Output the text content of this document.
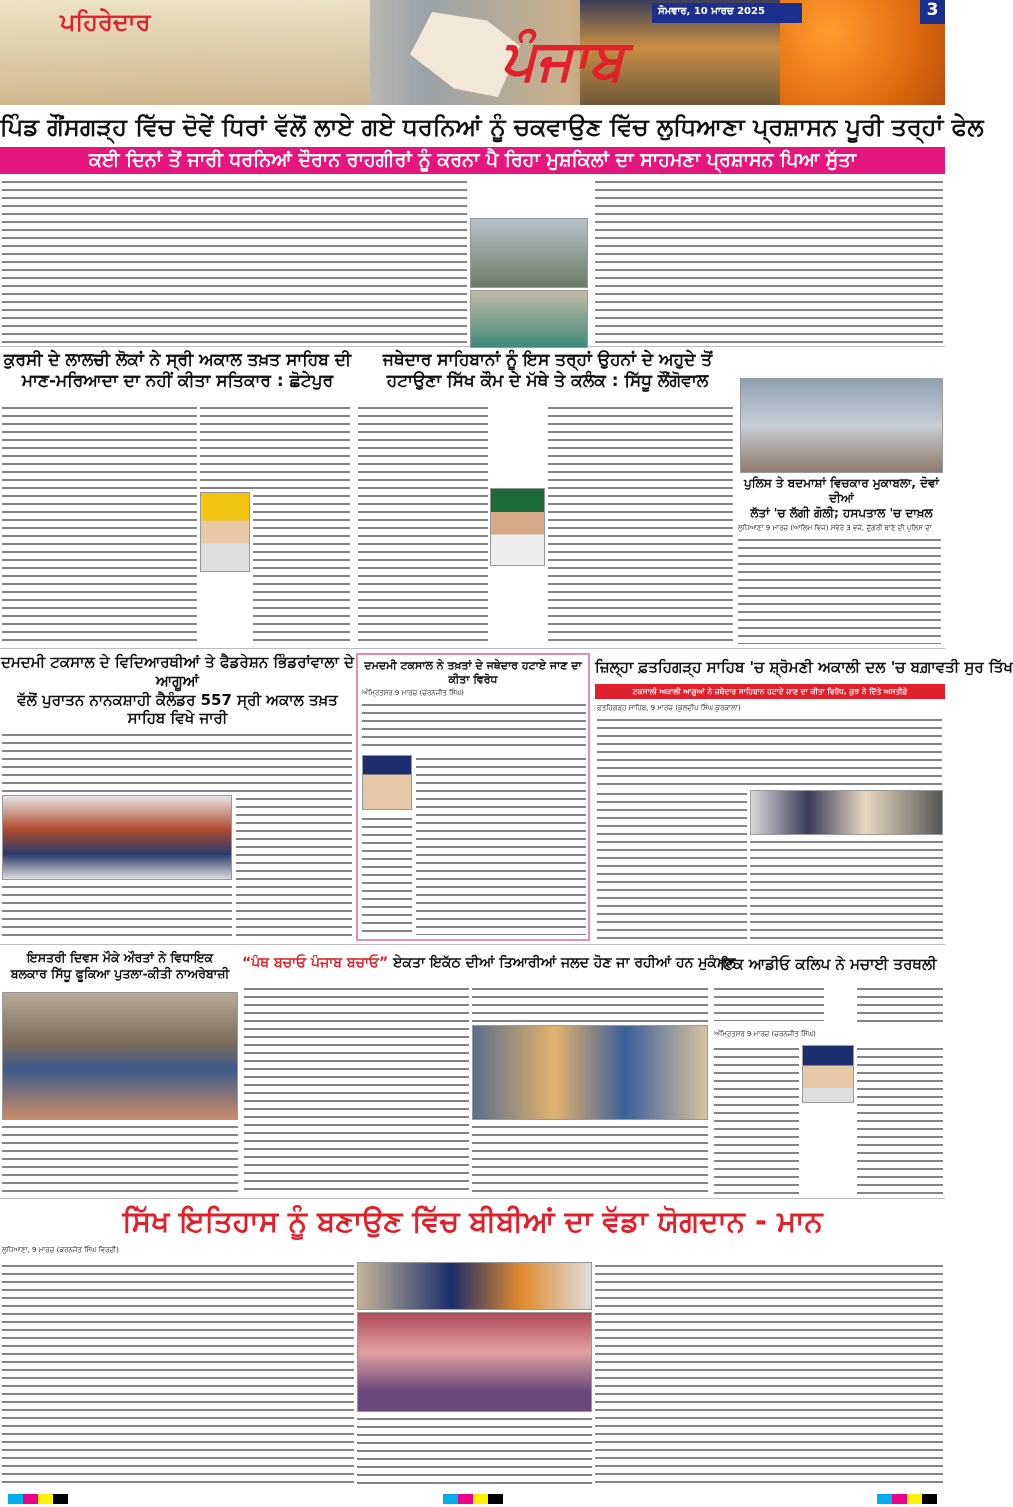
ਪਹਿਰੇਦਾਰ
ਪੰਜਾਬ
ਸੋਮਵਾਰ, 10 ਮਾਰਚ 2025	3
ਪਿੰਡ ਗੌਂਸਗੜ੍ਹ ਵਿੱਚ ਦੋਵੇਂ ਧਿਰਾਂ ਵੱਲੋਂ ਲਾਏ ਗਏ ਧਰਨਿਆਂ ਨੂੰ ਚਕਵਾਉਣ ਵਿੱਚ ਲੁਧਿਆਣਾ ਪ੍ਰਸ਼ਾਸਨ ਪੂਰੀ ਤਰ੍ਹਾਂ ਫੇਲ
ਕਈ ਦਿਨਾਂ ਤੋਂ ਜਾਰੀ ਧਰਨਿਆਂ ਦੌਰਾਨ ਰਾਹਗੀਰਾਂ ਨੂੰ ਕਰਨਾ ਪੈ ਰਿਹਾ ਮੁਸ਼ਕਿਲਾਂ ਦਾ ਸਾਹਮਣਾ ਪ੍ਰਸ਼ਾਸਨ ਪਿਆ ਸੁੱਤਾ
ਕੁਰਸੀ ਦੇ ਲਾਲਚੀ ਲੋਕਾਂ ਨੇ ਸ੍ਰੀ ਅਕਾਲ ਤਖ਼ਤ ਸਾਹਿਬ ਦੀ
ਮਾਣ-ਮਰਿਆਦਾ ਦਾ ਨਹੀਂ ਕੀਤਾ ਸਤਿਕਾਰ : ਛੋਟੇਪੁਰ
ਜਥੇਦਾਰ ਸਾਹਿਬਾਨਾਂ ਨੂੰ ਇਸ ਤਰ੍ਹਾਂ ਉਹਨਾਂ ਦੇ ਅਹੁਦੇ ਤੋਂ
ਹਟਾਉਣਾ ਸਿੱਖ ਕੌਮ ਦੇ ਮੱਥੇ ਤੇ ਕਲੰਕ : ਸਿੱਧੂ ਲੌਂਗੋਵਾਲ
ਪੁਲਿਸ ਤੇ ਬਦਮਾਸ਼ਾਂ ਵਿਚਕਾਰ ਮੁਕਾਬਲਾ, ਦੋਵਾਂ ਦੀਆਂ
ਲੱਤਾਂ 'ਚ ਲੱਗੀ ਗੋਲੀ; ਹਸਪਤਾਲ 'ਚ ਦਾਖ਼ਲ
ਲੁਧਿਆਣਾ 9 ਮਾਰਚ (ਆਲਿਮ ਵਿਜ) ਸਵੇਰੇ 3 ਵਜੇ, ਦੁੱਗਰੀ ਥਾਣੇ ਦੀ ਪੁਲਿਸ ਦਾ
ਦਮਦਮੀ ਟਕਸਾਲ ਦੇ ਵਿਦਿਆਰਥੀਆਂ ਤੇ ਫੈਡਰੇਸ਼ਨ ਭਿੰਡਰਾਂਵਾਲਾ ਦੇ ਆਗੂਆਂ
ਵੱਲੋਂ ਪੁਰਾਤਨ ਨਾਨਕਸ਼ਾਹੀ ਕੈਲੰਡਰ 557 ਸ੍ਰੀ ਅਕਾਲ ਤਖ਼ਤ ਸਾਹਿਬ ਵਿਖੇ ਜਾਰੀ
ਦਮਦਮੀ ਟਕਸਾਲ ਨੇ ਤਖ਼ਤਾਂ ਦੇ ਜਥੇਦਾਰ ਹਟਾਏ ਜਾਣ ਦਾ ਕੀਤਾ ਵਿਰੋਧ
ਅੰਮ੍ਰਿਤਸਰ 9 ਮਾਰਚ (ਚਰਨਜੀਤ ਸਿੰਘ)
ਜ਼ਿਲ੍ਹਾ ਫ਼ਤਹਿਗੜ੍ਹ ਸਾਹਿਬ 'ਚ ਸ਼੍ਰੋਮਣੀ ਅਕਾਲੀ ਦਲ 'ਚ ਬਗ਼ਾਵਤੀ ਸੁਰ ਤਿੱਖ
ਟਕਸਾਲੀ ਅਕਾਲੀ ਆਗੂਆਂ ਨੇ ਜਥੇਦਾਰ ਸਾਹਿਬਾਨ ਹਟਾਏ ਜਾਣ ਦਾ ਕੀਤਾ ਵਿਰੋਧ, ਕੁਝ ਨੇ ਦਿੱਤੇ ਅਸਤੀਫ਼ੇ
ਫ਼ਤਹਿਗੜ੍ਹ ਸਾਹਿਬ, 9 ਮਾਰਚ (ਕੁਲਦੀਪ ਸਿੰਘ ਕੁਰਕਾਲਾ)
ਇਸਤਰੀ ਦਿਵਸ ਮੌਕੇ ਔਰਤਾਂ ਨੇ ਵਿਧਾਇਕ
ਬਲਕਾਰ ਸਿੱਧੂ ਫੂਕਿਆ ਪੁਤਲਾ-ਕੀਤੀ ਨਾਅਰੇਬਾਜ਼ੀ
“ਪੰਥ ਬਚਾਓ ਪੰਜਾਬ ਬਚਾਓ” ਏਕਤਾ ਇਕੱਠ ਦੀਆਂ ਤਿਆਰੀਆਂ ਜਲਦ ਹੋਣ ਜਾ ਰਹੀਆਂ ਹਨ ਮੁਕੰਮਲ
ਇਕ ਆਡੀਓ ਕਲਿਪ ਨੇ ਮਚਾਈ ਤਰਥਲੀ
ਅੰਮ੍ਰਿਤਸਰ 9 ਮਾਰਚ (ਚਰਨਜੀਤ ਸਿੰਘ)
ਸਿੱਖ ਇਤਿਹਾਸ ਨੂੰ ਬਣਾਉਣ ਵਿੱਚ ਬੀਬੀਆਂ ਦਾ ਵੱਡਾ ਯੋਗਦਾਨ - ਮਾਨ
ਲੁਧਿਆਣਾ, 9 ਮਾਰਚ (ਕਰਨਜੋਤ ਸਿੰਘ ਵਿਰਦੀ)
